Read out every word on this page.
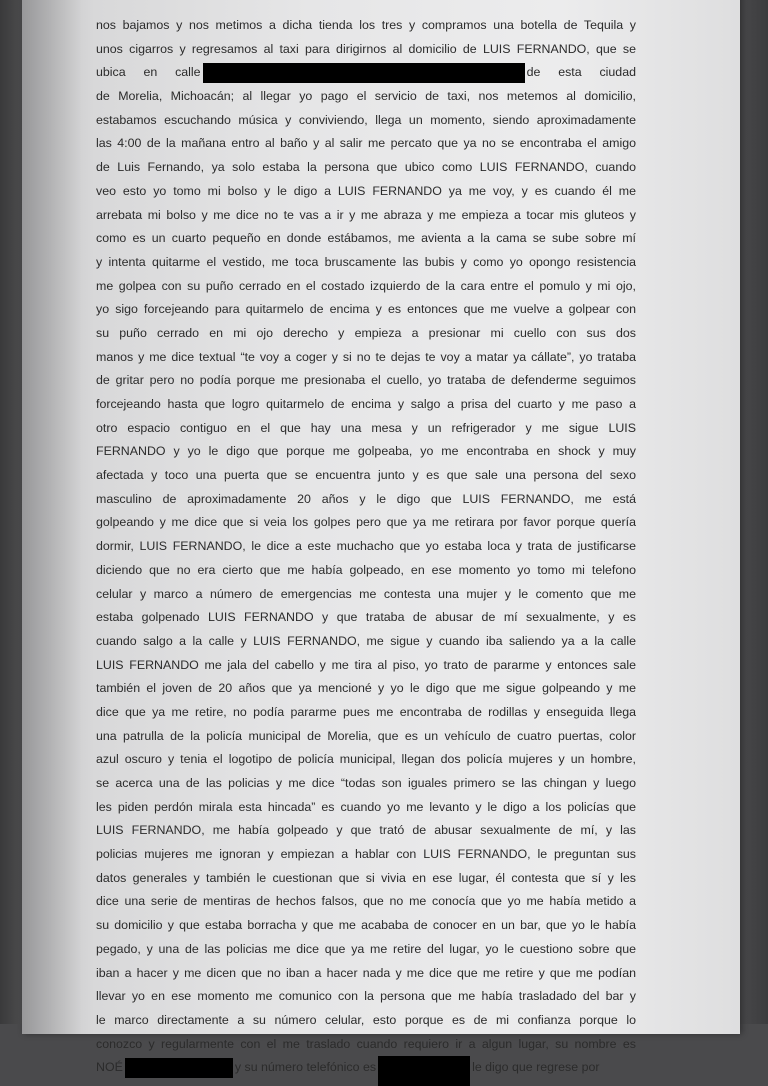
nos bajamos y nos metimos a dicha tienda los tres y compramos una botella de Tequila y
unos cigarros y regresamos al taxi para dirigirnos al domicilio de LUIS FERNANDO, que se
ubica en calle	de esta ciudad
de Morelia, Michoacán; al llegar yo pago el servicio de taxi, nos metemos al domicilio,
estabamos escuchando música y conviviendo, llega un momento, siendo aproximadamente
las 4:00 de la mañana entro al baño y al salir me percato que ya no se encontraba el amigo
de Luis Fernando, ya solo estaba la persona que ubico como LUIS FERNANDO, cuando
veo esto yo tomo mi bolso y le digo a LUIS FERNANDO ya me voy, y es cuando él me
arrebata mi bolso y me dice no te vas a ir y me abraza y me empieza a tocar mis gluteos y
como es un cuarto pequeño en donde estábamos, me avienta a la cama se sube sobre mí
y intenta quitarme el vestido, me toca bruscamente las bubis y como yo opongo resistencia
me golpea con su puño cerrado en el costado izquierdo de la cara entre el pomulo y mi ojo,
yo sigo forcejeando para quitarmelo de encima y es entonces que me vuelve a golpear con
su puño cerrado en mi ojo derecho y empieza a presionar mi cuello con sus dos
manos y me dice textual “te voy a coger y si no te dejas te voy a matar ya cállate”, yo trataba
de gritar pero no podía porque me presionaba el cuello, yo trataba de defenderme seguimos
forcejeando hasta que logro quitarmelo de encima y salgo a prisa del cuarto y me paso a
otro espacio contiguo en el que hay una mesa y un refrigerador y me sigue LUIS
FERNANDO y yo le digo que porque me golpeaba, yo me encontraba en shock y muy
afectada y toco una puerta que se encuentra junto y es que sale una persona del sexo
masculino de aproximadamente 20 años y le digo que LUIS FERNANDO, me está
golpeando y me dice que si veia los golpes pero que ya me retirara por favor porque quería
dormir, LUIS FERNANDO, le dice a este muchacho que yo estaba loca y trata de justificarse
diciendo que no era cierto que me había golpeado, en ese momento yo tomo mi telefono
celular y marco a número de emergencias me contesta una mujer y le comento que me
estaba golpenado LUIS FERNANDO y que trataba de abusar de mí sexualmente, y es
cuando salgo a la calle y LUIS FERNANDO, me sigue y cuando iba saliendo ya a la calle
LUIS FERNANDO me jala del cabello y me tira al piso, yo trato de pararme y entonces sale
también el joven de 20 años que ya mencioné y yo le digo que me sigue golpeando y me
dice que ya me retire, no podía pararme pues me encontraba de rodillas y enseguida llega
una patrulla de la policía municipal de Morelia, que es un vehículo de cuatro puertas, color
azul oscuro y tenia el logotipo de policía municipal, llegan dos policía mujeres y un hombre,
se acerca una de las policias y me dice “todas son iguales primero se las chingan y luego
les piden perdón mirala esta hincada” es cuando yo me levanto y le digo a los policías que
LUIS FERNANDO, me había golpeado y que trató de abusar sexualmente de mí, y las
policias mujeres me ignoran y empiezan a hablar con LUIS FERNANDO, le preguntan sus
datos generales y también le cuestionan que si vivia en ese lugar, él contesta que sí y les
dice una serie de mentiras de hechos falsos, que no me conocía que yo me había metido a
su domicilio y que estaba borracha y que me acababa de conocer en un bar, que yo le había
pegado, y una de las policias me dice que ya me retire del lugar, yo le cuestiono sobre que
iban a hacer y me dicen que no iban a hacer nada y me dice que me retire y que me podían
llevar yo en ese momento me comunico con la persona que me había trasladado del bar y
le marco directamente a su número celular, esto porque es de mi confianza porque lo
conozco y regularmente con el me traslado cuando requiero ir a algun lugar, su nombre es
NOÉ	y su número telefónico es	le digo que regrese por
